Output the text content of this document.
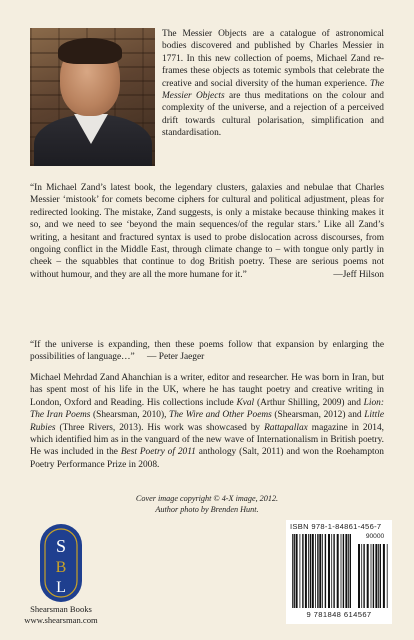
The Messier Objects are a catalogue of astronomical bodies discovered and published by Charles Messier in 1771. In this new collection of poems, Michael Zand re-frames these objects as totemic symbols that celebrate the creative and social diversity of the human experience. The Messier Objects are thus meditations on the colour and complexity of the universe, and a rejection of a perceived drift towards cultural polarisation, simplification and standardisation.

“In Michael Zand’s latest book, the legendary clusters, galaxies and nebulae that Charles Messier ‘mistook’ for comets become ciphers for cultural and political adjustment, pleas for redirected looking. The mistake, Zand suggests, is only a mistake because thinking makes it so, and we need to see ‘beyond the main sequences/of the regular stars.’ Like all Zand’s writing, a hesitant and fractured syntax is used to probe dislocation across discourses, from ongoing conflict in the Middle East, through climate change to – with tongue only partly in cheek – the squabbles that continue to dog British poetry. These are serious poems not without humour, and they are all the more humane for it.”	—Jeff Hilson

“If the universe is expanding, then these poems follow that expansion by enlarging the possibilities of language…” — Peter Jaeger

Michael Mehrdad Zand Ahanchian is a writer, editor and researcher. He was born in Iran, but has spent most of his life in the UK, where he has taught poetry and creative writing in London, Oxford and Reading. His collections include Kval (Arthur Shilling, 2009) and Lion: The Iran Poems (Shearsman, 2010), The Wire and Other Poems (Shearsman, 2012) and Little Rubies (Three Rivers, 2013). His work was showcased by Rattapallax magazine in 2014, which identified him as in the vanguard of the new wave of Internationalism in British poetry. He was included in the Best Poetry of 2011 anthology (Salt, 2011) and won the Roehampton Poetry Performance Prize in 2008.

Cover image copyright © 4-X image, 2012.
Author photo by Brenden Hunt.
S
B
L
Shearsman Books
www.shearsman.com
ISBN 978-1-84861-456-7
90000
9 781848 614567
